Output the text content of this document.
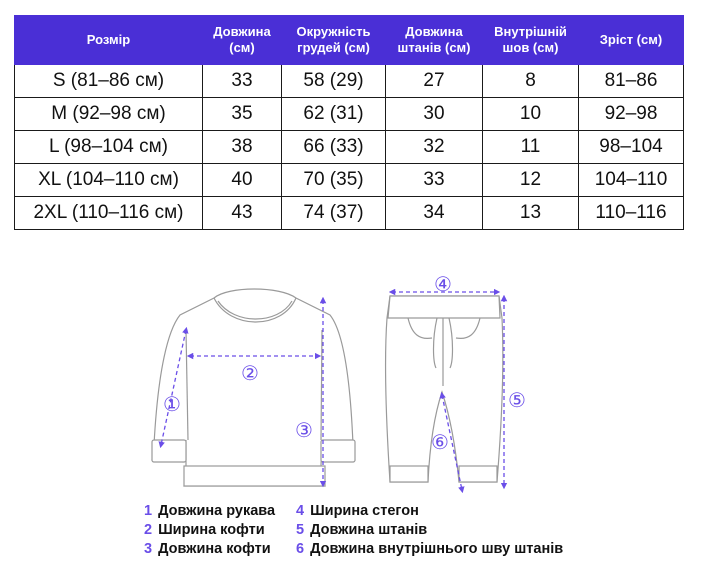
Розмір	Довжина (см)	Окружність грудей (см)	Довжина штанів (см)	Внутрішній шов (см)	Зріст (см)
S (81–86 см)	33	58 (29)	27	8	81–86
M (92–98 см)	35	62 (31)	30	10	92–98
L (98–104 см)	38	66 (33)	32	11	98–104
XL (104–110 см)	40	70 (35)	33	12	104–110
2XL (110–116 см)	43	74 (37)	34	13	110–116
①
②
③
④
⑤
⑥
1 Довжина рукава
2 Ширина кофти
3 Довжина кофти
4 Ширина стегон
5 Довжина штанів
6 Довжина внутрішнього шву штанів
